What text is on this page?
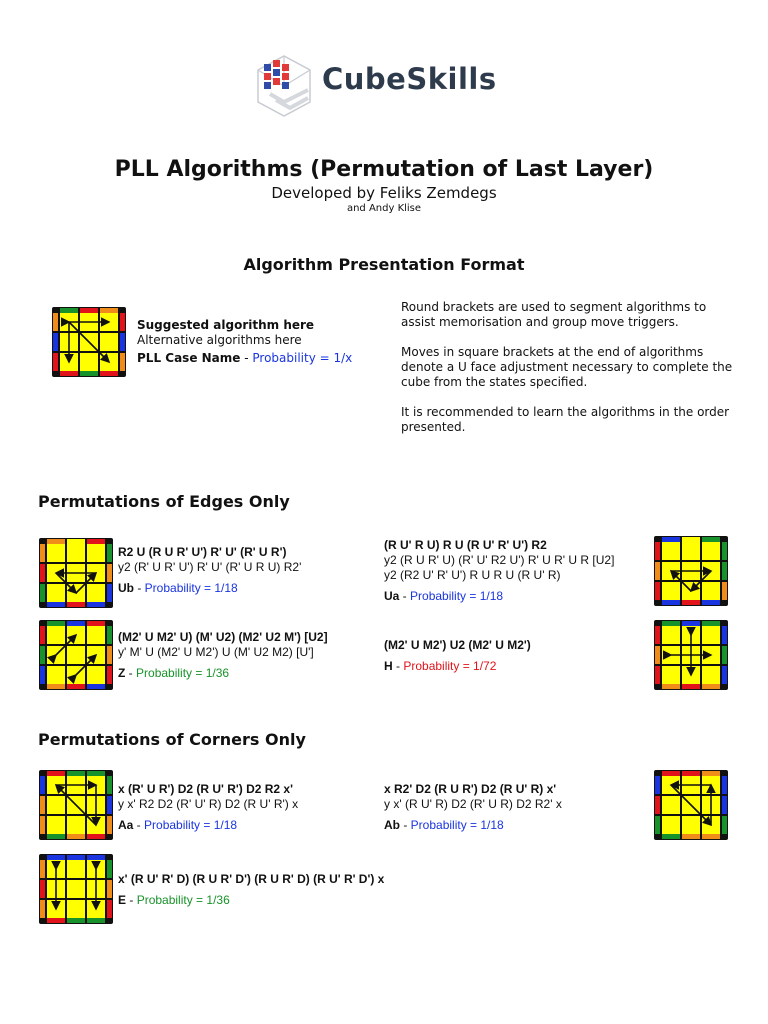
CubeSkills
PLL Algorithms (Permutation of Last Layer)
Developed by Feliks Zemdegs
and Andy Klise
Algorithm Presentation Format
Suggested algorithm here
Alternative algorithms here
PLL Case Name - Probability = 1/x

Round brackets are used to segment algorithms to assist memorisation and group move triggers.

Moves in square brackets at the end of algorithms denote a U face adjustment necessary to complete the cube from the states specified.

It is recommended to learn the algorithms in the order presented.

Permutations of Edges Only
R2 U (R U R' U') R' U' (R' U R')
y2 (R' U R' U') R' U' (R' U R U) R2'
Ub - Probability = 1/18
(R U' R U) R U (R U' R' U') R2
y2 (R U R' U) (R' U' R2 U') R' U R' U R [U2]
y2 (R2 U' R' U') R U R U (R U' R)
Ua - Probability = 1/18
(M2' U M2' U) (M' U2) (M2' U2 M') [U2]
y' M' U (M2' U M2') U (M' U2 M2) [U']
Z - Probability = 1/36
(M2' U M2') U2 (M2' U M2')
H - Probability = 1/72
Permutations of Corners Only
x (R' U R') D2 (R U' R') D2 R2 x'
y x' R2 D2 (R' U' R) D2 (R U' R') x
Aa - Probability = 1/18
x R2' D2 (R U R') D2 (R U' R) x'
y x' (R U' R) D2 (R' U R) D2 R2' x
Ab - Probability = 1/18
x' (R U' R' D) (R U R' D') (R U R' D) (R U' R' D') x
E - Probability = 1/36
